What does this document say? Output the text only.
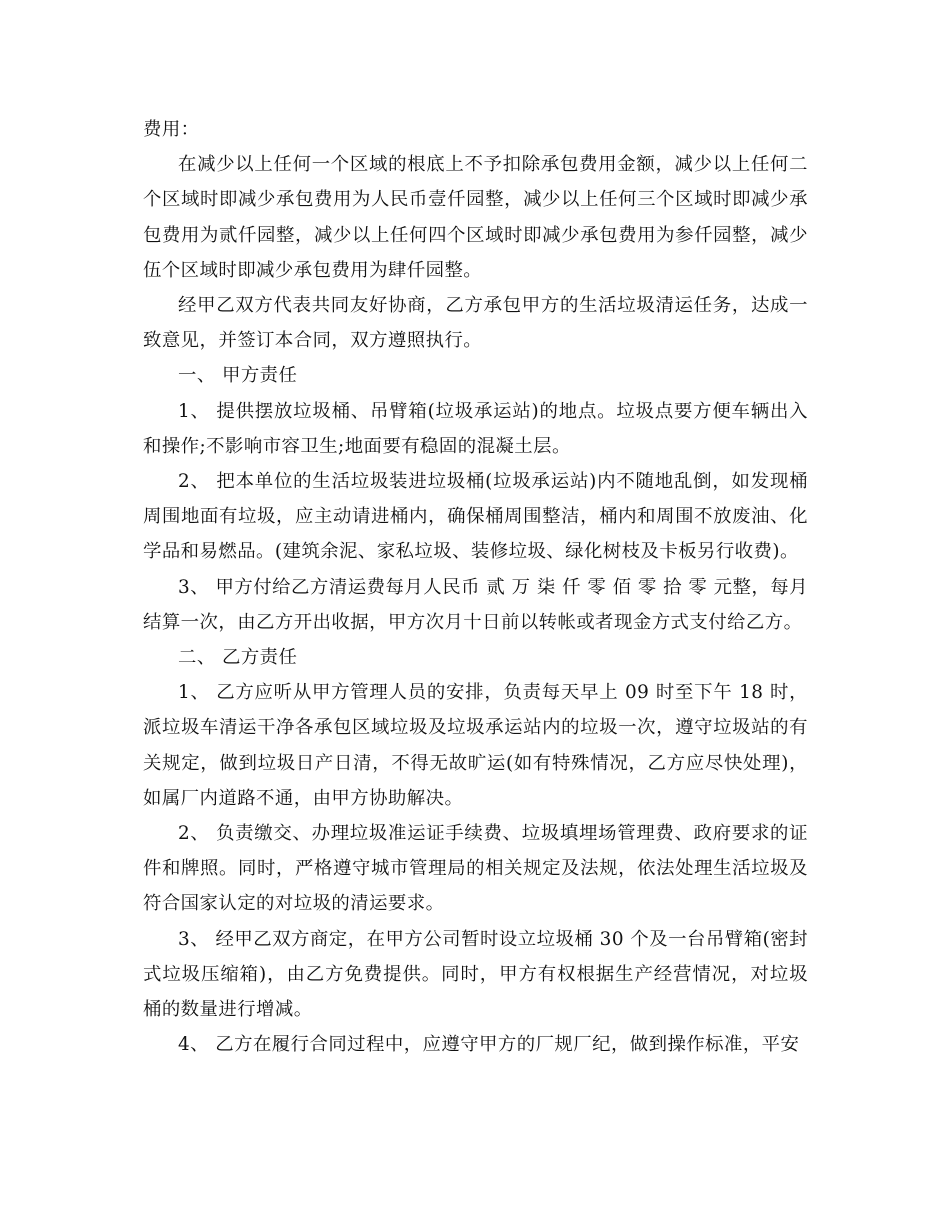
费用：

在减少以上任何一个区域的根底上不予扣除承包费用金额，减少以上任何二个区域时即减少承包费用为人民币壹仟园整，减少以上任何三个区域时即减少承包费用为贰仟园整，减少以上任何四个区域时即减少承包费用为参仟园整，减少伍个区域时即减少承包费用为肆仟园整。

经甲乙双方代表共同友好协商，乙方承包甲方的生活垃圾清运任务，达成一致意见，并签订本合同，双方遵照执行。

一、 甲方责任

1、 提供摆放垃圾桶、吊臂箱(垃圾承运站)的地点。垃圾点要方便车辆出入和操作;不影响市容卫生;地面要有稳固的混凝土层。

2、 把本单位的生活垃圾装进垃圾桶(垃圾承运站)内不随地乱倒，如发现桶周围地面有垃圾，应主动请进桶内，确保桶周围整洁，桶内和周围不放废油、化学品和易燃品。(建筑余泥、家私垃圾、装修垃圾、绿化树枝及卡板另行收费)。

3、 甲方付给乙方清运费每月人民币 贰 万 柒 仟 零 佰 零 拾 零 元整，每月结算一次，由乙方开出收据，甲方次月十日前以转帐或者现金方式支付给乙方。

二、 乙方责任

1、 乙方应听从甲方管理人员的安排，负责每天早上 09 时至下午 18 时，派垃圾车清运干净各承包区域垃圾及垃圾承运站内的垃圾一次，遵守垃圾站的有关规定，做到垃圾日产日清，不得无故旷运(如有特殊情况，乙方应尽快处理)，如属厂内道路不通，由甲方协助解决。

2、 负责缴交、办理垃圾准运证手续费、垃圾填埋场管理费、政府要求的证件和牌照。同时，严格遵守城市管理局的相关规定及法规，依法处理生活垃圾及符合国家认定的对垃圾的清运要求。

3、 经甲乙双方商定，在甲方公司暂时设立垃圾桶 30 个及一台吊臂箱(密封式垃圾压缩箱)，由乙方免费提供。同时，甲方有权根据生产经营情况，对垃圾桶的数量进行增减。

4、 乙方在履行合同过程中，应遵守甲方的厂规厂纪，做到操作标准，平安
